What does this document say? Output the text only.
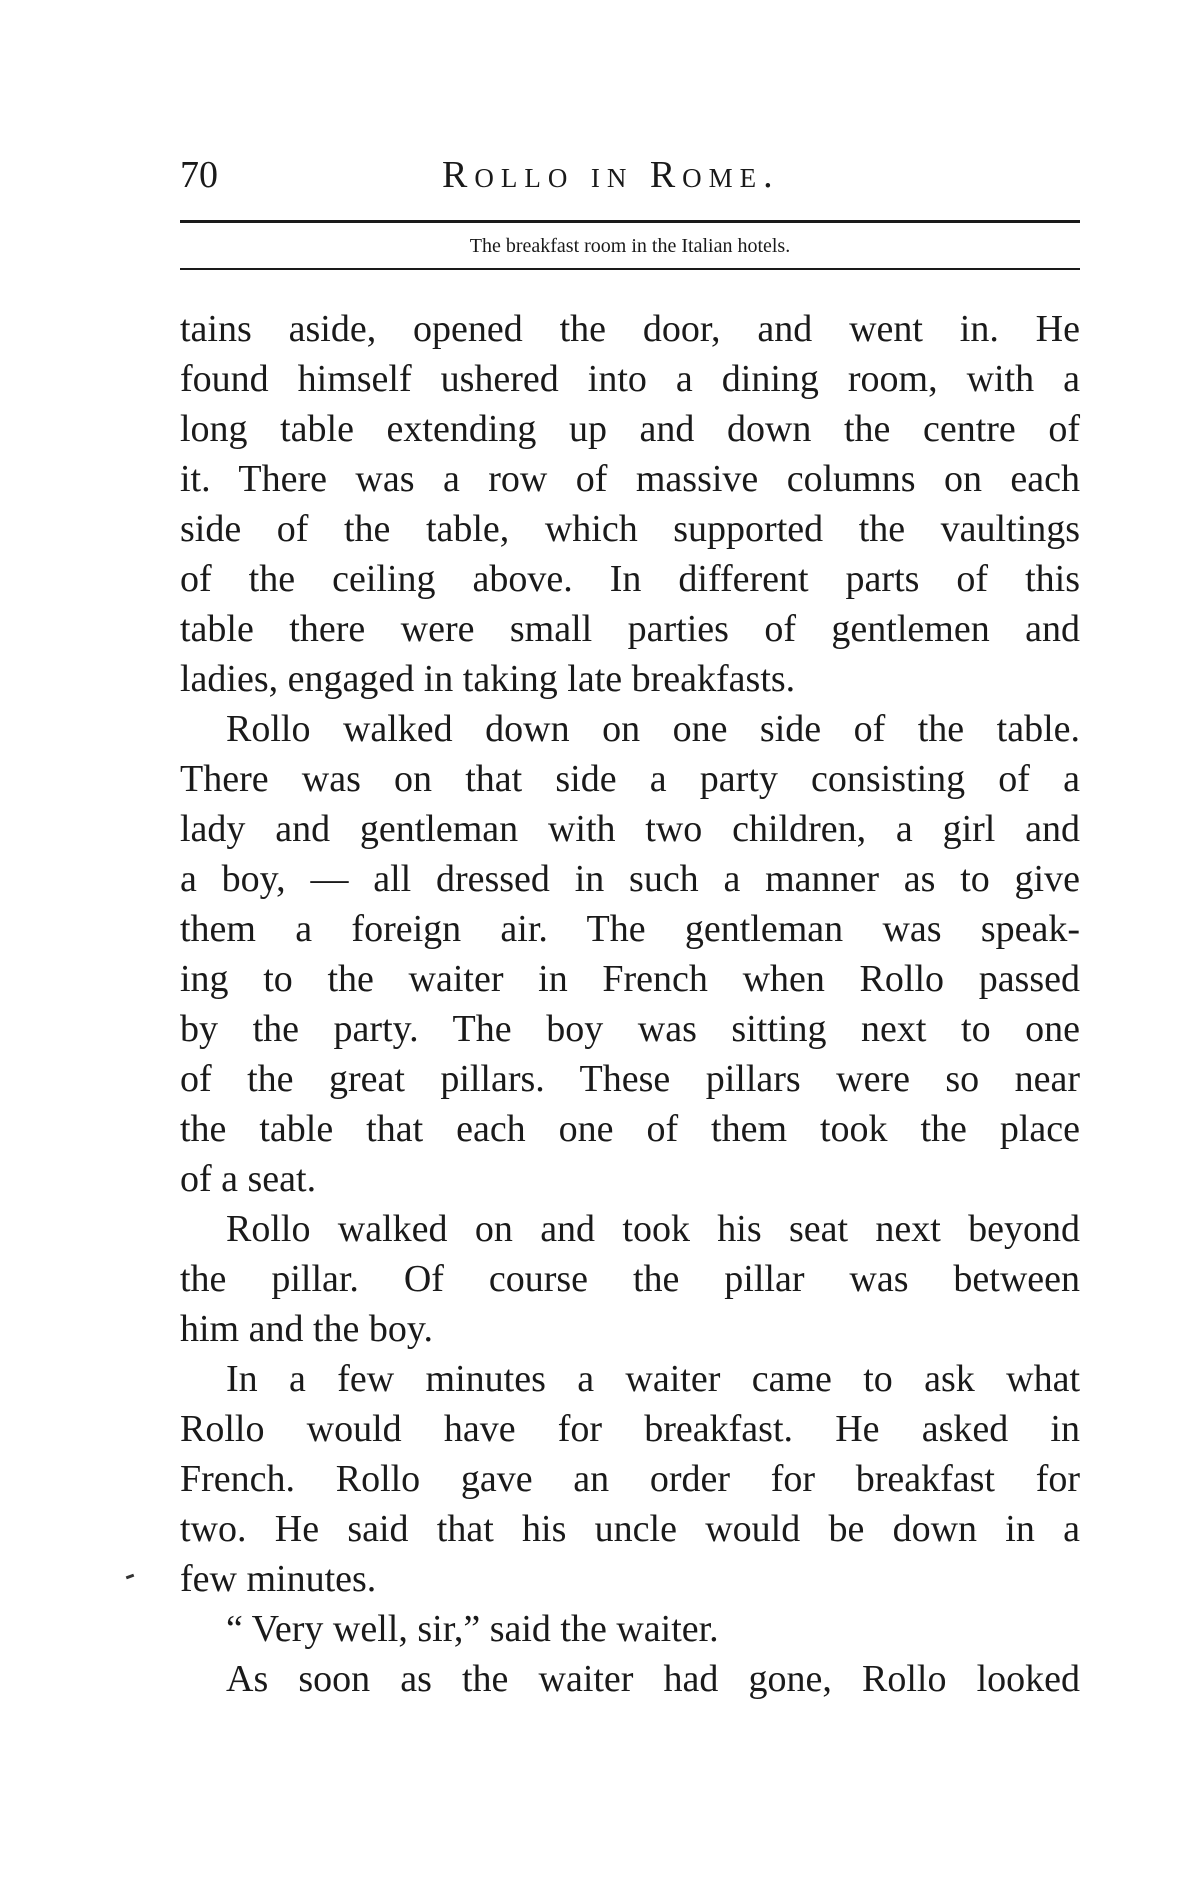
70	Rollo in Rome.
The breakfast room in the Italian hotels.
tains aside, opened the door, and went in. He
found himself ushered into a dining room, with a
long table extending up and down the centre of
it. There was a row of massive columns on each
side of the table, which supported the vaultings
of the ceiling above. In different parts of this
table there were small parties of gentlemen and
ladies, engaged in taking late breakfasts.
Rollo walked down on one side of the table.
There was on that side a party consisting of a
lady and gentleman with two children, a girl and
a boy, — all dressed in such a manner as to give
them a foreign air. The gentleman was speak-
ing to the waiter in French when Rollo passed
by the party. The boy was sitting next to one
of the great pillars. These pillars were so near
the table that each one of them took the place
of a seat.
Rollo walked on and took his seat next beyond
the pillar. Of course the pillar was between
him and the boy.
In a few minutes a waiter came to ask what
Rollo would have for breakfast. He asked in
French. Rollo gave an order for breakfast for
two. He said that his uncle would be down in a
few minutes.
“ Very well, sir,” said the waiter.
As soon as the waiter had gone, Rollo looked
